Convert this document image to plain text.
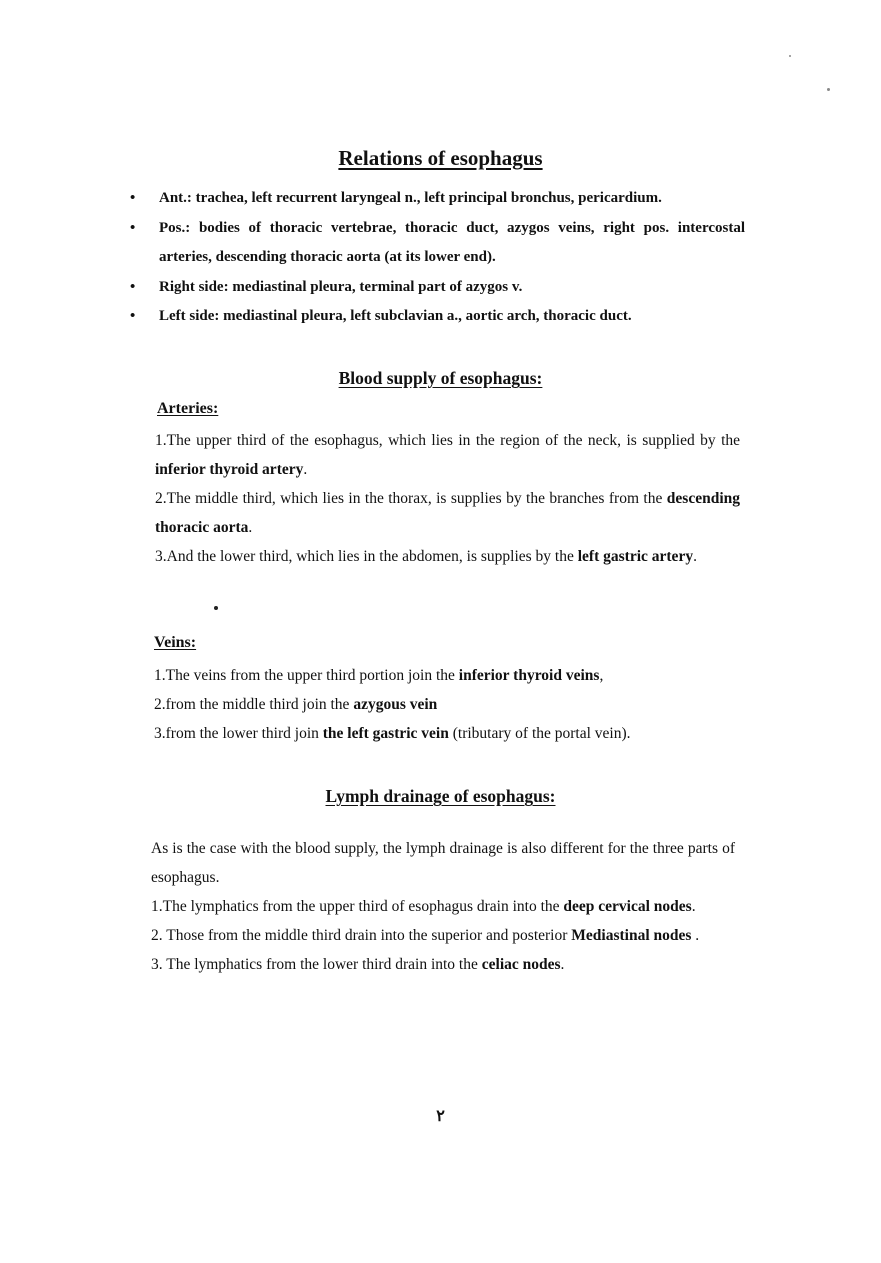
Relations of esophagus
• Ant.: trachea, left recurrent laryngeal n., left principal bronchus, pericardium.
• Pos.: bodies of thoracic vertebrae, thoracic duct, azygos veins, right pos. intercostal arteries, descending thoracic aorta (at its lower end).
• Right side: mediastinal pleura, terminal part of azygos v.
• Left side: mediastinal pleura, left subclavian a., aortic arch, thoracic duct.
Blood supply of esophagus:
Arteries:

1.The upper third of the esophagus, which lies in the region of the neck, is supplied by the inferior thyroid artery.

2.The middle third, which lies in the thorax, is supplies by the branches from the descending thoracic aorta.

3.And the lower third, which lies in the abdomen, is supplies by the left gastric artery.

Veins:

1.The veins from the upper third portion join the inferior thyroid veins,

2.from the middle third join the azygous vein

3.from the lower third join the left gastric vein (tributary of the portal vein).

Lymph drainage of esophagus:

As is the case with the blood supply, the lymph drainage is also different for the three parts of esophagus.

1.The lymphatics from the upper third of esophagus drain into the deep cervical nodes.

2. Those from the middle third drain into the superior and posterior Mediastinal nodes .

3. The lymphatics from the lower third drain into the celiac nodes.

٢
